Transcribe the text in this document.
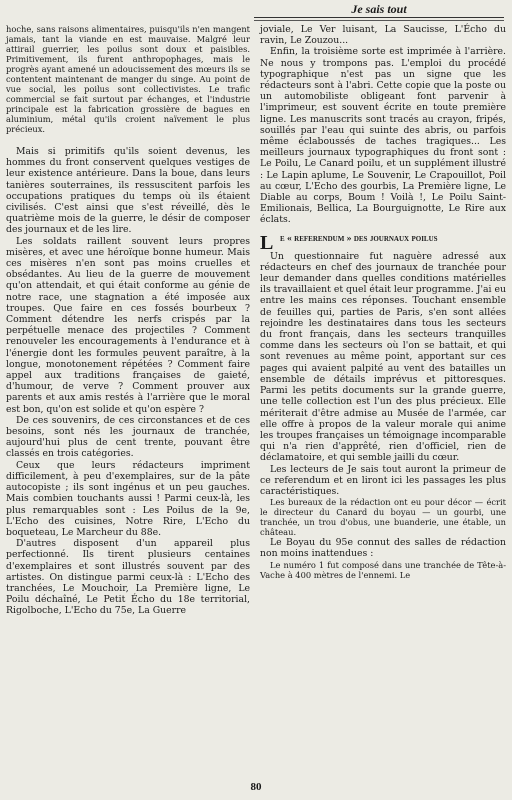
Je sais tout

hoche, sans raisons alimentaires, puisqu'ils n'en mangent jamais, tant la viande en est mauvaise. Malgré leur attirail guerrier, les poilus sont doux et paisibles. Primitivement, ils furent anthropophages, mais le progrès ayant amené un adoucissement des mœurs ils se contentent maintenant de manger du singe. Au point de vue social, les poilus sont collectivistes. Le trafic commercial se fait surtout par échanges, et l'industrie principale est la fabrication grossière de bagues en aluminium, métal qu'ils croient naïvement le plus précieux.

Mais si primitifs qu'ils soient devenus, les hommes du front conservent quelques vestiges de leur existence antérieure. Dans la boue, dans leurs tanières souterraines, ils ressuscitent parfois les occupations pratiques du temps où ils étaient civilisés. C'est ainsi que s'est réveillé, dès le quatrième mois de la guerre, le désir de composer des journaux et de les lire.

Les soldats raillent souvent leurs propres misères, et avec une héroïque bonne humeur. Mais ces misères n'en sont pas moins cruelles et obsédantes. Au lieu de la guerre de mouvement qu'on attendait, et qui était conforme au génie de notre race, une stagnation a été imposée aux troupes. Que faire en ces fossés bourbeux ? Comment détendre les nerfs crispés par la perpétuelle menace des projectiles ? Comment renouveler les encouragements à l'endurance et à l'énergie dont les formules peuvent paraître, à la longue, monotonement répétées ? Comment faire appel aux traditions françaises de gaieté, d'humour, de verve ? Comment prouver aux parents et aux amis restés à l'arrière que le moral est bon, qu'on est solide et qu'on espère ?

De ces souvenirs, de ces circonstances et de ces besoins, sont nés les journaux de tranchée, aujourd'hui plus de cent trente, pouvant être classés en trois catégories.

Ceux que leurs rédacteurs impriment difficilement, à peu d'exemplaires, sur de la pâte autocopiste ; ils sont ingénus et un peu gauches. Mais combien touchants aussi ! Parmi ceux-là, les plus remarquables sont : Les Poilus de la 9e, L'Echo des cuisines, Notre Rire, L'Echo du boqueteau, Le Marcheur du 88e.

D'autres disposent d'un appareil plus perfectionné. Ils tirent plusieurs centaines d'exemplaires et sont illustrés souvent par des artistes. On distingue parmi ceux-là : L'Echo des tranchées, Le Mouchoir, La Première ligne, Le Poilu déchaîné, Le Petit Écho du 18e territorial, Rigolboche, L'Echo du 75e, La Guerre

joviale, Le Ver luisant, La Saucisse, L'Écho du ravin, Le Zouzou...

Enfin, la troisième sorte est imprimée à l'arrière. Ne nous y trompons pas. L'emploi du procédé typographique n'est pas un signe que les rédacteurs sont à l'abri. Cette copie que la poste ou un automobiliste obligeant font parvenir à l'imprimeur, est souvent écrite en toute première ligne. Les manuscrits sont tracés au crayon, fripés, souillés par l'eau qui suinte des abris, ou parfois même éclaboussés de taches tragiques... Les meilleurs journaux typographiques du front sont : Le Poilu, Le Canard poilu, et un supplément illustré : Le Lapin aplume, Le Souvenir, Le Crapouillot, Poil au cœur, L'Echo des gourbis, La Première ligne, Le Diable au corps, Boum ! Voilà !, Le Poilu Saint-Emilionais, Bellica, La Bourguignotte, Le Rire aux éclats.

L e « referendum » des journaux poilus

Un questionnaire fut naguère adressé aux rédacteurs en chef des journaux de tranchée pour leur demander dans quelles conditions matérielles ils travaillaient et quel était leur programme. J'ai eu entre les mains ces réponses. Touchant ensemble de feuilles qui, parties de Paris, s'en sont allées rejoindre les destinataires dans tous les secteurs du front français, dans les secteurs tranquilles comme dans les secteurs où l'on se battait, et qui sont revenues au même point, apportant sur ces pages qui avaient palpité au vent des batailles un ensemble de détails imprévus et pittoresques. Parmi les petits documents sur la grande guerre, une telle collection est l'un des plus précieux. Elle mériterait d'être admise au Musée de l'armée, car elle offre à propos de la valeur morale qui anime les troupes françaises un témoignage incomparable qui n'a rien d'apprêté, rien d'officiel, rien de déclamatoire, et qui semble jailli du cœur.

Les lecteurs de Je sais tout auront la primeur de ce referendum et en liront ici les passages les plus caractéristiques.

Les bureaux de la rédaction ont eu pour décor — écrit le directeur du Canard du boyau — un gourbi, une tranchée, un trou d'obus, une buanderie, une étable, un château.

Le Boyau du 95e connut des salles de rédaction non moins inattendues :

Le numéro 1 fut composé dans une tranchée de Tête-à-Vache à 400 mètres de l'ennemi. Le

80
